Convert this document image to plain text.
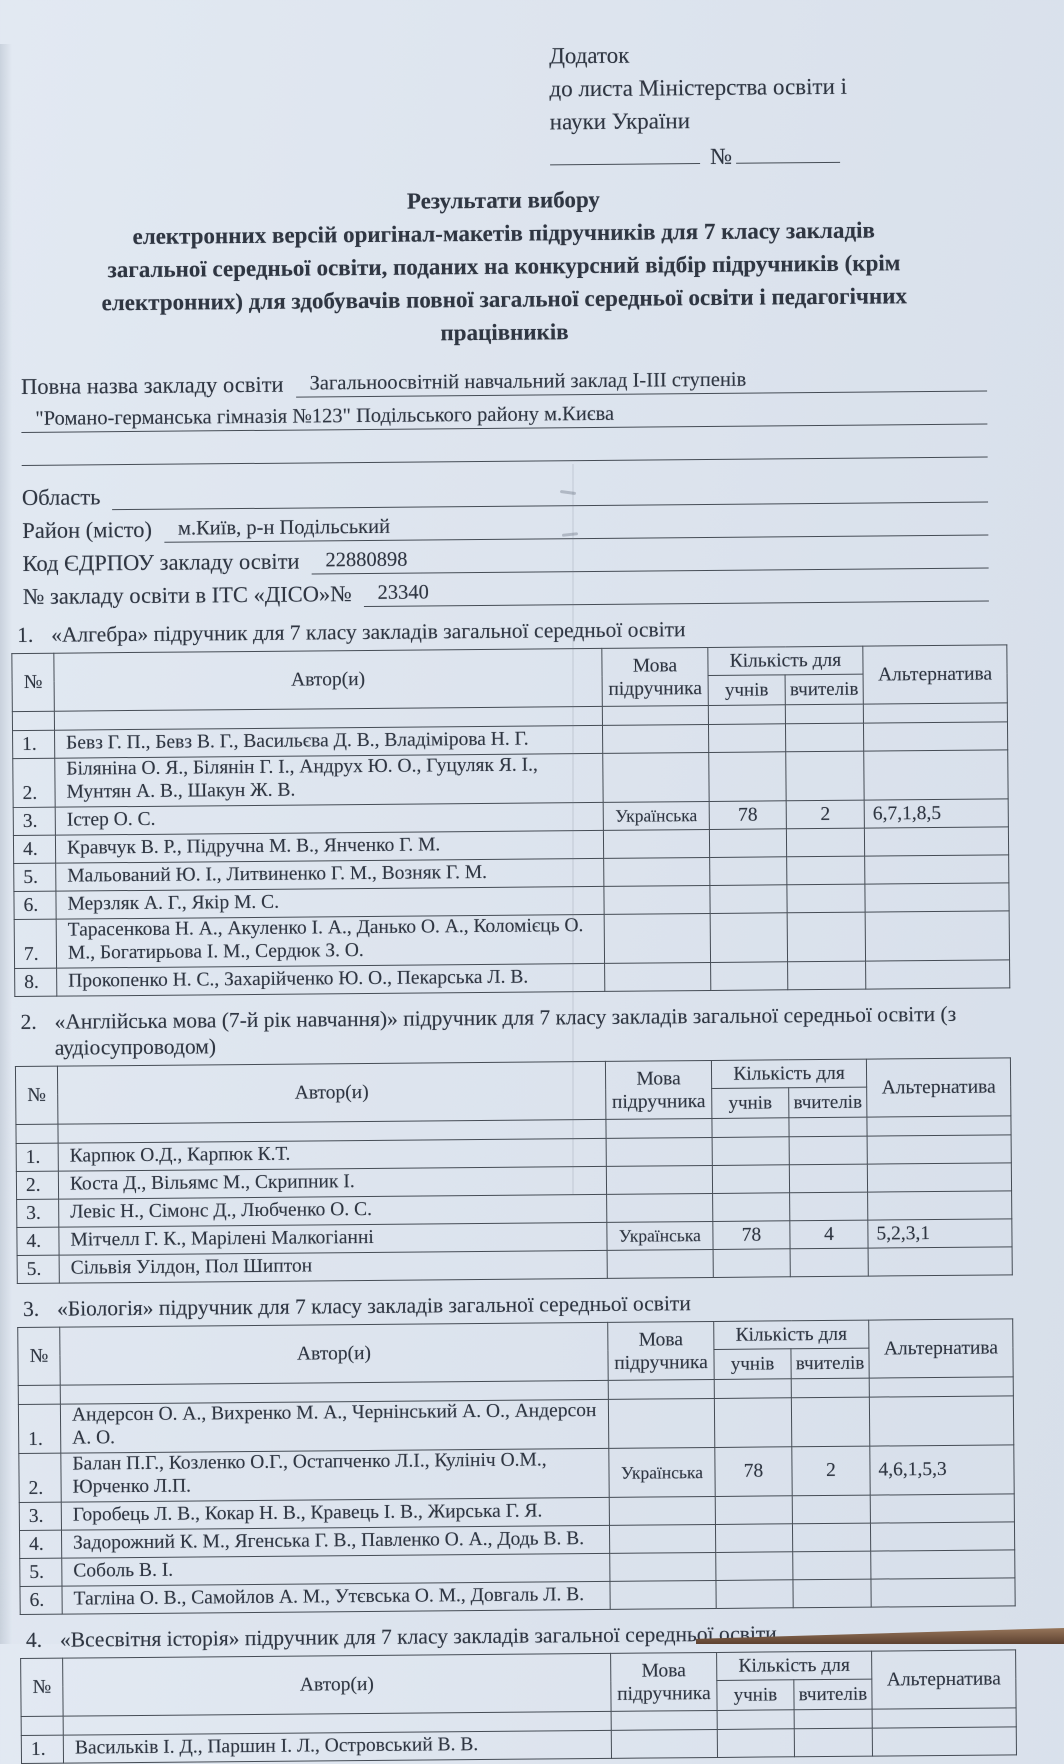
Додаток
до листа Міністерства освіти і
науки України
№
Результати вибору
електронних версій оригінал-макетів підручників для 7 класу закладів
загальної середньої освіти, поданих на конкурсний відбір підручників (крім
електронних) для здобувачів повної загальної середньої освіти і педагогічних
працівників
Повна назва закладу освіти	Загальноосвітній навчальний заклад І-ІІІ ступенів
"Романо-германська гімназія №123" Подільського району м.Києва
Область
Район (місто)	м.Київ, р-н Подільський
Код ЄДРПОУ закладу освіти	22880898
№ закладу освіти в ІТС «ДІСО»№	23340
1. «Алгебра» підручник для 7 класу закладів загальної середньої освіти
№	Автор(и)	Мова підручника	Кількість для		Альтернатива
			учнів	вчителів	

1.	Бевз Г. П., Бевз В. Г., Васильєва Д. В., Владімірова Н. Г.				
2.	Біляніна О. Я., Білянін Г. І., Андрух Ю. О., Гуцуляк Я. І., Мунтян А. В., Шакун Ж. В.				
3.	Істер О. С.	Українська	78	2	6,7,1,8,5
4.	Кравчук В. Р., Підручна М. В., Янченко Г. М.				
5.	Мальований Ю. І., Литвиненко Г. М., Возняк Г. М.				
6.	Мерзляк А. Г., Якір М. С.				
7.	Тарасенкова Н. А., Акуленко І. А., Данько О. А., Коломієць О. М., Богатирьова І. М., Сердюк З. О.				
8.	Прокопенко Н. С., Захарійченко Ю. О., Пекарська Л. В.				
2. «Англійська мова (7-й рік навчання)» підручник для 7 класу закладів загальної середньої освіти (з аудіосупроводом)
№	Автор(и)	Мова підручника	Кількість для		Альтернатива
			учнів	вчителів	

1.	Карпюк О.Д., Карпюк К.Т.				
2.	Коста Д., Вільямс М., Скрипник І.				
3.	Левіс Н., Сімонс Д., Любченко О. С.				
4.	Мітчелл Г. К., Марілені Малкогіанні	Українська	78	4	5,2,3,1
5.	Сільвія Уілдон, Пол Шиптон				
3. «Біологія» підручник для 7 класу закладів загальної середньої освіти
№	Автор(и)	Мова підручника	Кількість для		Альтернатива
			учнів	вчителів	

1.	Андерсон О. А., Вихренко М. А., Чернінський А. О., Андерсон А. О.				
2.	Балан П.Г., Козленко О.Г., Остапченко Л.І., Кулініч О.М., Юрченко Л.П.	Українська	78	2	4,6,1,5,3
3.	Горобець Л. В., Кокар Н. В., Кравець І. В., Жирська Г. Я.				
4.	Задорожний К. М., Ягенська Г. В., Павленко О. А., Додь В. В.				
5.	Соболь В. І.				
6.	Тагліна О. В., Самойлов А. М., Утєвська О. М., Довгаль Л. В.				
4. «Всесвітня історія» підручник для 7 класу закладів загальної середньої освіти
№	Автор(и)	Мова підручника	Кількість для		Альтернатива
			учнів	вчителів	

1.	Васильків І. Д., Паршин І. Л., Островський В. В.				
